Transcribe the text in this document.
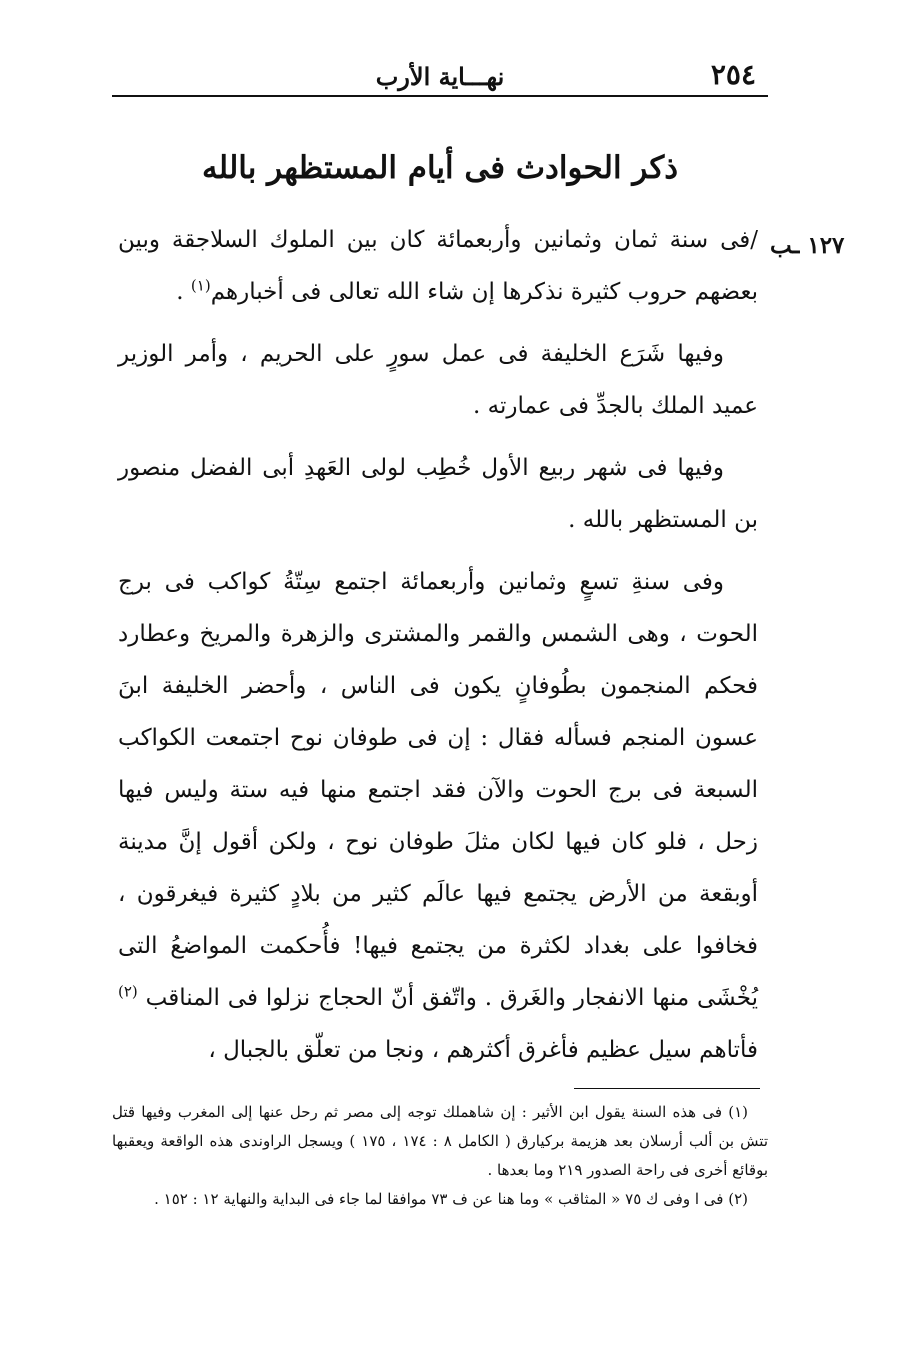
٢٥٤
نهـــاية الأرب
ذكر الحوادث فى أيام المستظهر بالله
١٢٧ ـب

/فى سنة ثمان وثمانين وأربعمائة كان بين الملوك السلاجقة وبين بعضهم حروب كثيرة نذكرها إن شاء الله تعالى فى أخبارهم$^{(١)}$ .

وفيها شَرَع الخليفة فى عمل سورٍ على الحريم ، وأمر الوزير عميد الملك بالجدِّ فى عمارته .

وفيها فى شهر ربيع الأول خُطِب لولى العَهدِ أبى الفضل منصور بن المستظهر بالله .

وفى سنةِ تسعٍ وثمانين وأربعمائة اجتمع سِتّةُ كواكب فى برج الحوت ، وهى الشمس والقمر والمشترى والزهرة والمريخ وعطارد فحكم المنجمون بطُوفانٍ يكون فى الناس ، وأحضر الخليفة ابنَ عسون المنجم فسأله فقال : إن فى طوفان نوح اجتمعت الكواكب السبعة فى برج الحوت والآن فقد اجتمع منها فيه ستة وليس فيها زحل ، فلو كان فيها لكان مثلَ طوفان نوح ، ولكن أقول إنَّ مدينة أوبقعة من الأرض يجتمع فيها عالَم كثير من بلادٍ كثيرة فيغرقون ، فخافوا على بغداد لكثرة من يجتمع فيها! فأُحكمت المواضعُ التى يُخْشَى منها الانفجار والغَرق . واتّفق أنّ الحجاج نزلوا فى المناقب $^{(٢)}$ فأتاهم سيل عظيم فأغرق أكثرهم ، ونجا من تعلّق بالجبال ،

(١) فى هذه السنة يقول ابن الأثير : إن شاهملك توجه إلى مصر ثم رحل عنها إلى المغرب وفيها قتل تتش بن ألب أرسلان بعد هزيمة بركيارق ( الكامل ٨ : ١٧٤ ، ١٧٥ ) ويسجل الراوندى هذه الواقعة ويعقبها بوقائع أخرى فى راحة الصدور ٢١٩ وما بعدها .

(٢) فى ا وفى ك ٧٥ « المثاقب » وما هنا عن ف ٧٣ موافقا لما جاء فى البداية والنهاية ١٢ : ١٥٢ .
